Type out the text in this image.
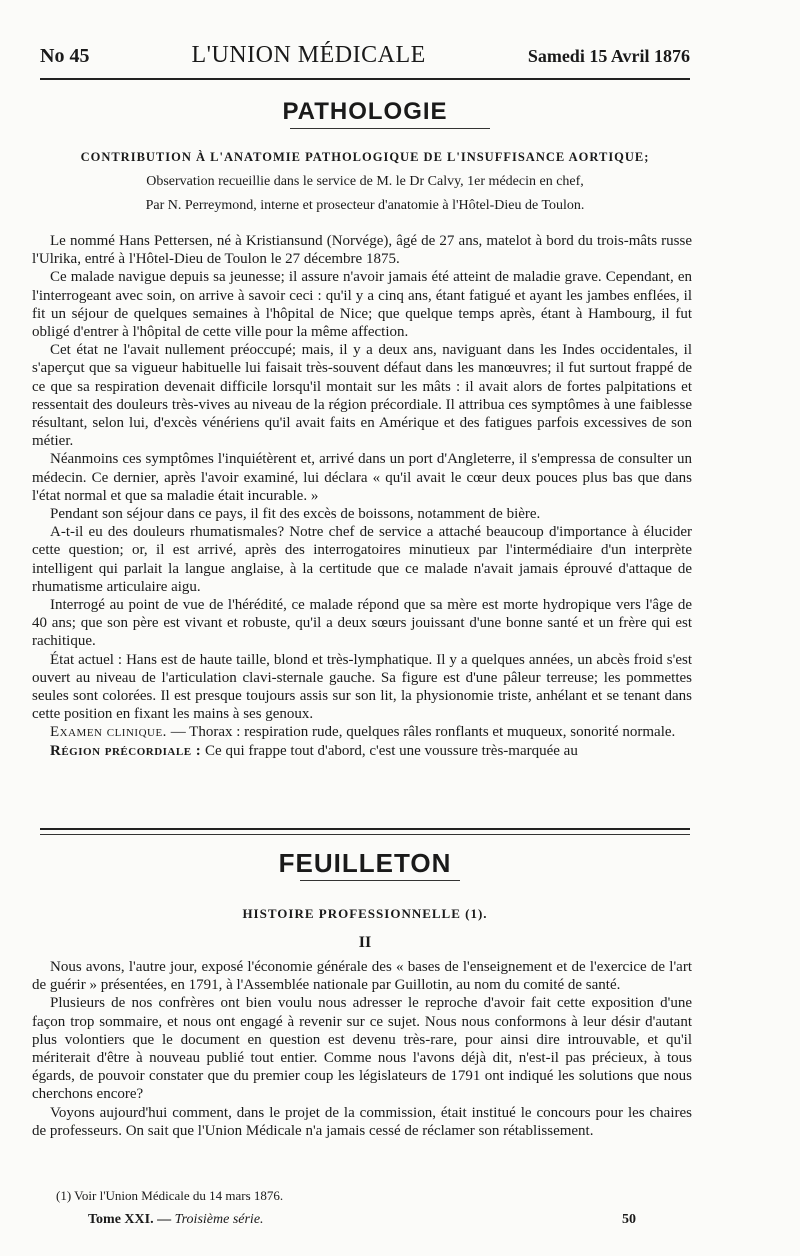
No 45	L'UNION MÉDICALE	Samedi 15 Avril 1876
PATHOLOGIE
CONTRIBUTION À L'ANATOMIE PATHOLOGIQUE DE L'INSUFFISANCE AORTIQUE;
Observation recueillie dans le service de M. le Dr Calvy, 1er médecin en chef,
Par N. Perreymond, interne et prosecteur d'anatomie à l'Hôtel-Dieu de Toulon.

Le nommé Hans Pettersen, né à Kristiansund (Norvége), âgé de 27 ans, matelot à bord du trois-mâts russe l'Ulrika, entré à l'Hôtel-Dieu de Toulon le 27 décembre 1875.

Ce malade navigue depuis sa jeunesse; il assure n'avoir jamais été atteint de maladie grave. Cependant, en l'interrogeant avec soin, on arrive à savoir ceci : qu'il y a cinq ans, étant fatigué et ayant les jambes enflées, il fit un séjour de quelques semaines à l'hôpital de Nice; que quelque temps après, étant à Hambourg, il fut obligé d'entrer à l'hôpital de cette ville pour la même affection.

Cet état ne l'avait nullement préoccupé; mais, il y a deux ans, naviguant dans les Indes occidentales, il s'aperçut que sa vigueur habituelle lui faisait très-souvent défaut dans les manœuvres; il fut surtout frappé de ce que sa respiration devenait difficile lorsqu'il montait sur les mâts : il avait alors de fortes palpitations et ressentait des douleurs très-vives au niveau de la région précordiale. Il attribua ces symptômes à une faiblesse résultant, selon lui, d'excès vénériens qu'il avait faits en Amérique et des fatigues parfois excessives de son métier.

Néanmoins ces symptômes l'inquiétèrent et, arrivé dans un port d'Angleterre, il s'empressa de consulter un médecin. Ce dernier, après l'avoir examiné, lui déclara « qu'il avait le cœur deux pouces plus bas que dans l'état normal et que sa maladie était incurable. »

Pendant son séjour dans ce pays, il fit des excès de boissons, notamment de bière.

A-t-il eu des douleurs rhumatismales? Notre chef de service a attaché beaucoup d'importance à élucider cette question; or, il est arrivé, après des interrogatoires minutieux par l'intermédiaire d'un interprète intelligent qui parlait la langue anglaise, à la certitude que ce malade n'avait jamais éprouvé d'attaque de rhumatisme articulaire aigu.

Interrogé au point de vue de l'hérédité, ce malade répond que sa mère est morte hydropique vers l'âge de 40 ans; que son père est vivant et robuste, qu'il a deux sœurs jouissant d'une bonne santé et un frère qui est rachitique.

État actuel : Hans est de haute taille, blond et très-lymphatique. Il y a quelques années, un abcès froid s'est ouvert au niveau de l'articulation clavi-sternale gauche. Sa figure est d'une pâleur terreuse; les pommettes seules sont colorées. Il est presque toujours assis sur son lit, la physionomie triste, anhélant et se tenant dans cette position en fixant les mains à ses genoux.

Examen clinique. — Thorax : respiration rude, quelques râles ronflants et muqueux, sonorité normale.

Région précordiale : Ce qui frappe tout d'abord, c'est une voussure très-marquée au

FEUILLETON
HISTOIRE PROFESSIONNELLE (1).
II

Nous avons, l'autre jour, exposé l'économie générale des « bases de l'enseignement et de l'exercice de l'art de guérir » présentées, en 1791, à l'Assemblée nationale par Guillotin, au nom du comité de santé.

Plusieurs de nos confrères ont bien voulu nous adresser le reproche d'avoir fait cette exposition d'une façon trop sommaire, et nous ont engagé à revenir sur ce sujet. Nous nous conformons à leur désir d'autant plus volontiers que le document en question est devenu très-rare, pour ainsi dire introuvable, et qu'il mériterait d'être à nouveau publié tout entier. Comme nous l'avons déjà dit, n'est-il pas précieux, à tous égards, de pouvoir constater que du premier coup les législateurs de 1791 ont indiqué les solutions que nous cherchons encore?

Voyons aujourd'hui comment, dans le projet de la commission, était institué le concours pour les chaires de professeurs. On sait que l'Union Médicale n'a jamais cessé de réclamer son rétablissement.

(1) Voir l'Union Médicale du 14 mars 1876.
Tome XXI. — Troisième série.	50
